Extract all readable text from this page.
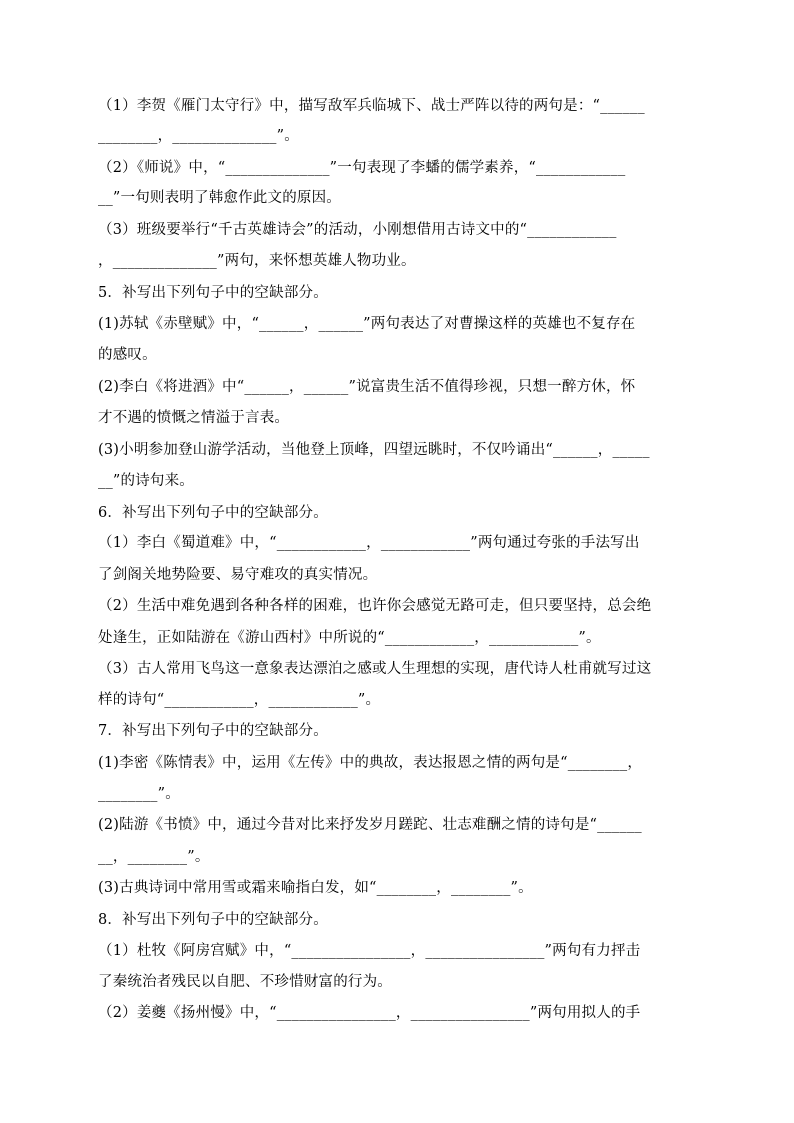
（1）李贺《雁门太守行》中，描写敌军兵临城下、战士严阵以待的两句是：“______
________，______________”。
（2）《师说》中，“______________”一句表现了李蟠的儒学素养，“____________
__”一句则表明了韩愈作此文的原因。
（3）班级要举行“千古英雄诗会”的活动，小刚想借用古诗文中的“____________
，______________”两句，来怀想英雄人物功业。
5．补写出下列句子中的空缺部分。
(1)苏轼《赤壁赋》中，“______，______”两句表达了对曹操这样的英雄也不复存在
的感叹。
(2)李白《将进酒》中“______，______”说富贵生活不值得珍视，只想一醉方休，怀
才不遇的愤慨之情溢于言表。
(3)小明参加登山游学活动，当他登上顶峰，四望远眺时，不仅吟诵出“______，_____
__”的诗句来。
6．补写出下列句子中的空缺部分。
（1）李白《蜀道难》中，“____________，____________”两句通过夸张的手法写出
了剑阁关地势险要、易守难攻的真实情况。
（2）生活中难免遇到各种各样的困难，也许你会感觉无路可走，但只要坚持，总会绝
处逢生，正如陆游在《游山西村》中所说的“____________，____________”。
（3）古人常用飞鸟这一意象表达漂泊之感或人生理想的实现，唐代诗人杜甫就写过这
样的诗句“____________，____________”。
7．补写出下列句子中的空缺部分。
(1)李密《陈情表》中，运用《左传》中的典故，表达报恩之情的两句是“________，
________”。
(2)陆游《书愤》中，通过今昔对比来抒发岁月蹉跎、壮志难酬之情的诗句是“______
__，________”。
(3)古典诗词中常用雪或霜来喻指白发，如“________，________”。
8．补写出下列句子中的空缺部分。
（1）杜牧《阿房宫赋》中，“________________，________________”两句有力抨击
了秦统治者残民以自肥、不珍惜财富的行为。
（2）姜夔《扬州慢》中，“________________，________________”两句用拟人的手
